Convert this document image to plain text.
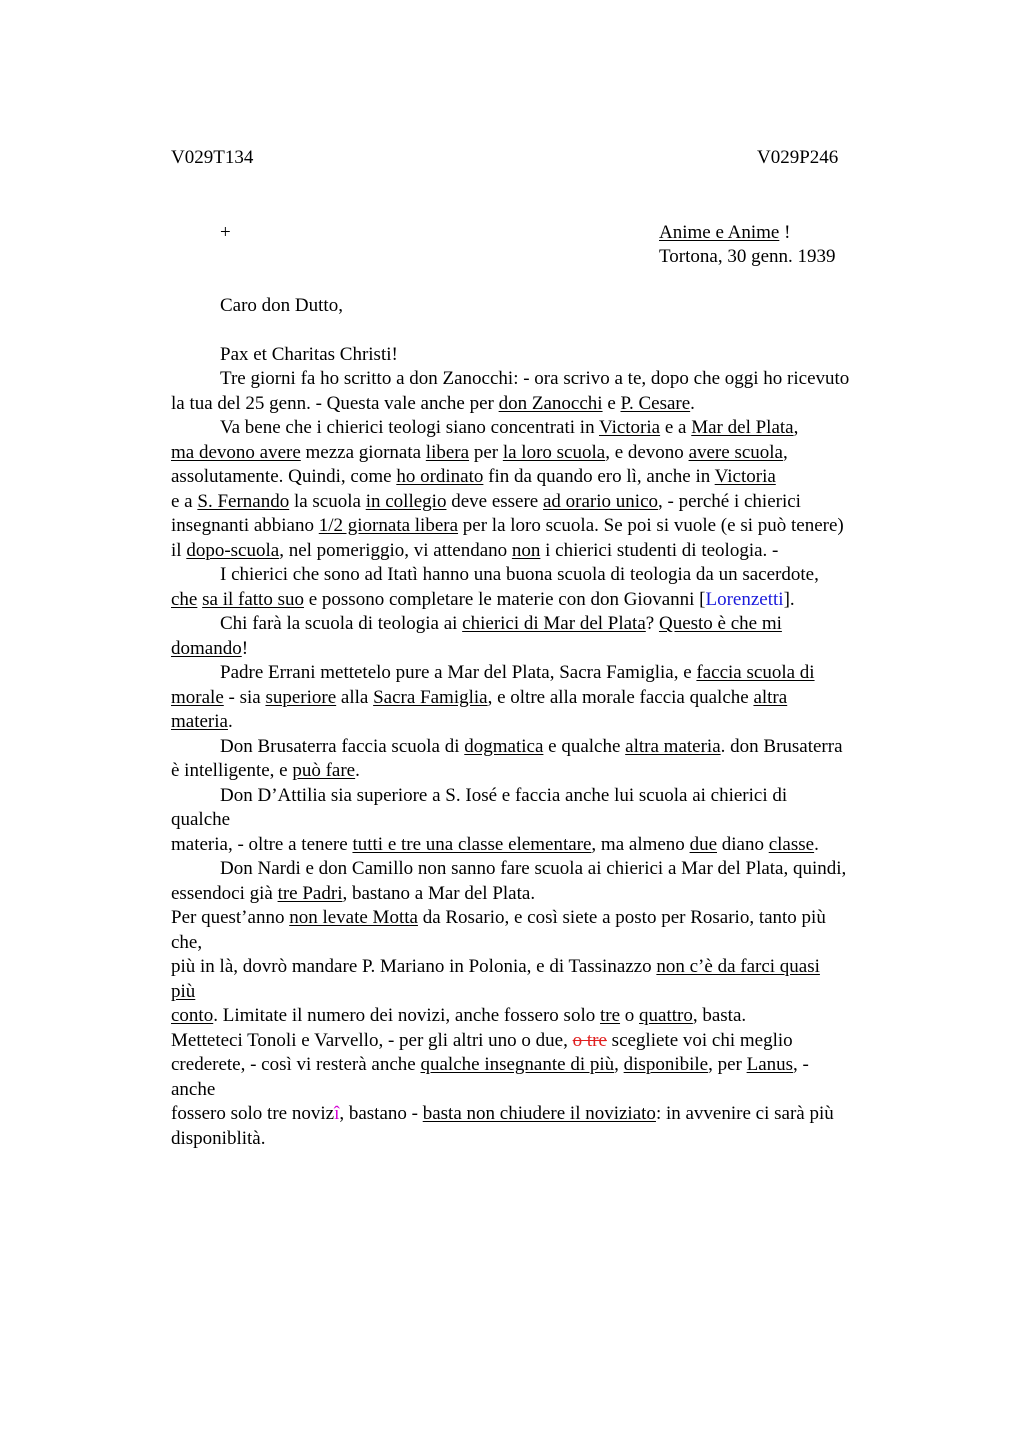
V029T134	V029P246
+	Anime e Anime !
Tortona, 30 genn. 1939
Caro don Dutto,
Pax et Charitas Christi!
Tre giorni fa ho scritto a don Zanocchi: - ora scrivo a te, dopo che oggi ho ricevuto
la tua del 25 genn. - Questa vale anche per don Zanocchi e P. Cesare.
Va bene che i chierici teologi siano concentrati in Victoria e a Mar del Plata,
ma devono avere mezza giornata libera per la loro scuola, e devono avere scuola,
assolutamente. Quindi, come ho ordinato fin da quando ero lì, anche in Victoria
e a S. Fernando la scuola in collegio deve essere ad orario unico, - perché i chierici
insegnanti abbiano 1/2 giornata libera per la loro scuola. Se poi si vuole (e si può tenere)
il dopo-scuola, nel pomeriggio, vi attendano non i chierici studenti di teologia. -
I chierici che sono ad Itatì hanno una buona scuola di teologia da un sacerdote,
che sa il fatto suo e possono completare le materie con don Giovanni [Lorenzetti].
Chi farà la scuola di teologia ai chierici di Mar del Plata? Questo è che mi
domando!
Padre Errani mettetelo pure a Mar del Plata, Sacra Famiglia, e faccia scuola di
morale - sia superiore alla Sacra Famiglia, e oltre alla morale faccia qualche altra
materia.
Don Brusaterra faccia scuola di dogmatica e qualche altra materia. don Brusaterra
è intelligente, e può fare.
Don D’Attilia sia superiore a S. Iosé e faccia anche lui scuola ai chierici di
qualche
materia, - oltre a tenere tutti e tre una classe elementare, ma almeno due diano classe.
Don Nardi e don Camillo non sanno fare scuola ai chierici a Mar del Plata, quindi,
essendoci già tre Padri, bastano a Mar del Plata.
Per quest’anno non levate Motta da Rosario, e così siete a posto per Rosario, tanto più
che,
più in là, dovrò mandare P. Mariano in Polonia, e di Tassinazzo non c’è da farci quasi
più
conto. Limitate il numero dei novizi, anche fossero solo tre o quattro, basta.
Metteteci Tonoli e Varvello, - per gli altri uno o due, o tre scegliete voi chi meglio
crederete, - così vi resterà anche qualche insegnante di più, disponibile, per Lanus, -
anche
fossero solo tre novizî, bastano - basta non chiudere il noviziato: in avvenire ci sarà più
disponiblità.
